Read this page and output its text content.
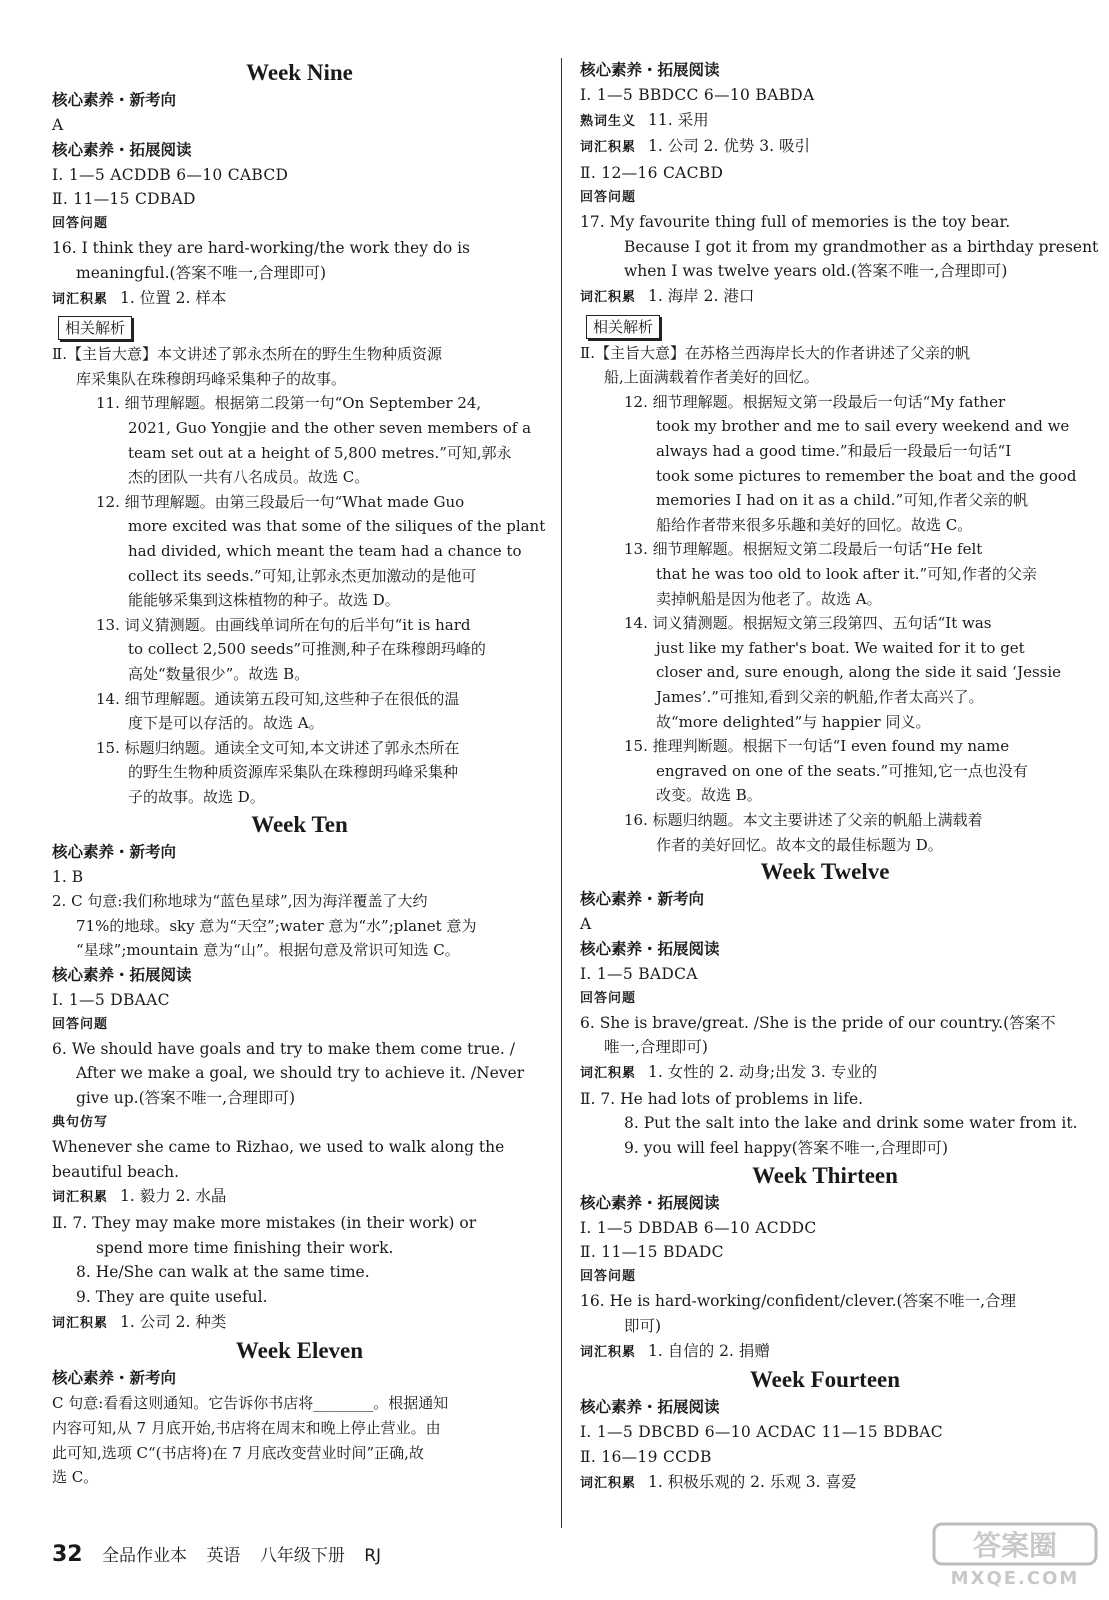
Week Nine
核心素养・新考向
A
核心素养・拓展阅读
Ⅰ. 1—5 ACDDB 6—10 CABCD
Ⅱ. 11—15 CDBAD
回答问题
16. I think they are hard-working/the work they do is
meaningful.(答案不唯一,合理即可)
词汇积累 1. 位置 2. 样本
相关解析
Ⅱ.【主旨大意】本文讲述了郭永杰所在的野生生物种质资源
库采集队在珠穆朗玛峰采集种子的故事。
11. 细节理解题。根据第二段第一句“On September 24,
2021, Guo Yongjie and the other seven members of a
team set out at a height of 5,800 metres.”可知,郭永
杰的团队一共有八名成员。故选 C。
12. 细节理解题。由第三段最后一句“What made Guo
more excited was that some of the siliques of the plant
had divided, which meant the team had a chance to
collect its seeds.”可知,让郭永杰更加激动的是他可
能能够采集到这株植物的种子。故选 D。
13. 词义猜测题。由画线单词所在句的后半句“it is hard
to collect 2,500 seeds”可推测,种子在珠穆朗玛峰的
高处“数量很少”。故选 B。
14. 细节理解题。通读第五段可知,这些种子在很低的温
度下是可以存活的。故选 A。
15. 标题归纳题。通读全文可知,本文讲述了郭永杰所在
的野生生物种质资源库采集队在珠穆朗玛峰采集种
子的故事。故选 D。
Week Ten
核心素养・新考向
1. B
2. C 句意:我们称地球为“蓝色星球”,因为海洋覆盖了大约
71%的地球。sky 意为“天空”;water 意为“水”;planet 意为
“星球”;mountain 意为“山”。根据句意及常识可知选 C。
核心素养・拓展阅读
Ⅰ. 1—5 DBAAC
回答问题
6. We should have goals and try to make them come true. /
After we make a goal, we should try to achieve it. /Never
give up.(答案不唯一,合理即可)
典句仿写
Whenever she came to Rizhao, we used to walk along the
beautiful beach.
词汇积累 1. 毅力 2. 水晶
Ⅱ. 7. They may make more mistakes (in their work) or
spend more time finishing their work.
8. He/She can walk at the same time.
9. They are quite useful.
词汇积累 1. 公司 2. 种类
Week Eleven
核心素养・新考向
C 句意:看看这则通知。它告诉你书店将________。根据通知
内容可知,从 7 月底开始,书店将在周末和晚上停止营业。由
此可知,选项 C“(书店将)在 7 月底改变营业时间”正确,故
选 C。
核心素养・拓展阅读
Ⅰ. 1—5 BBDCC 6—10 BABDA
熟词生义 11. 采用
词汇积累 1. 公司 2. 优势 3. 吸引
Ⅱ. 12—16 CACBD
回答问题
17. My favourite thing full of memories is the toy bear.
Because I got it from my grandmother as a birthday present
when I was twelve years old.(答案不唯一,合理即可)
词汇积累 1. 海岸 2. 港口
相关解析
Ⅱ.【主旨大意】在苏格兰西海岸长大的作者讲述了父亲的帆
船,上面满载着作者美好的回忆。
12. 细节理解题。根据短文第一段最后一句话“My father
took my brother and me to sail every weekend and we
always had a good time.”和最后一段最后一句话“I
took some pictures to remember the boat and the good
memories I had on it as a child.”可知,作者父亲的帆
船给作者带来很多乐趣和美好的回忆。故选 C。
13. 细节理解题。根据短文第二段最后一句话“He felt
that he was too old to look after it.”可知,作者的父亲
卖掉帆船是因为他老了。故选 A。
14. 词义猜测题。根据短文第三段第四、五句话“It was
just like my father's boat. We waited for it to get
closer and, sure enough, along the side it said ‘Jessie
James’.”可推知,看到父亲的帆船,作者太高兴了。
故“more delighted”与 happier 同义。
15. 推理判断题。根据下一句话“I even found my name
engraved on one of the seats.”可推知,它一点也没有
改变。故选 B。
16. 标题归纳题。本文主要讲述了父亲的帆船上满载着
作者的美好回忆。故本文的最佳标题为 D。
Week Twelve
核心素养・新考向
A
核心素养・拓展阅读
Ⅰ. 1—5 BADCA
回答问题
6. She is brave/great. /She is the pride of our country.(答案不
唯一,合理即可)
词汇积累 1. 女性的 2. 动身;出发 3. 专业的
Ⅱ. 7. He had lots of problems in life.
8. Put the salt into the lake and drink some water from it.
9. you will feel happy(答案不唯一,合理即可)
Week Thirteen
核心素养・拓展阅读
Ⅰ. 1—5 DBDAB 6—10 ACDDC
Ⅱ. 11—15 BDADC
回答问题
16. He is hard-working/confident/clever.(答案不唯一,合理
即可)
词汇积累 1. 自信的 2. 捐赠
Week Fourteen
核心素养・拓展阅读
Ⅰ. 1—5 DBCBD 6—10 ACDAC 11—15 BDBAC
Ⅱ. 16—19 CCDB
词汇积累 1. 积极乐观的 2. 乐观 3. 喜爱
32 全品作业本 英语 八年级下册 RJ	答案圈
MXQE.COM
